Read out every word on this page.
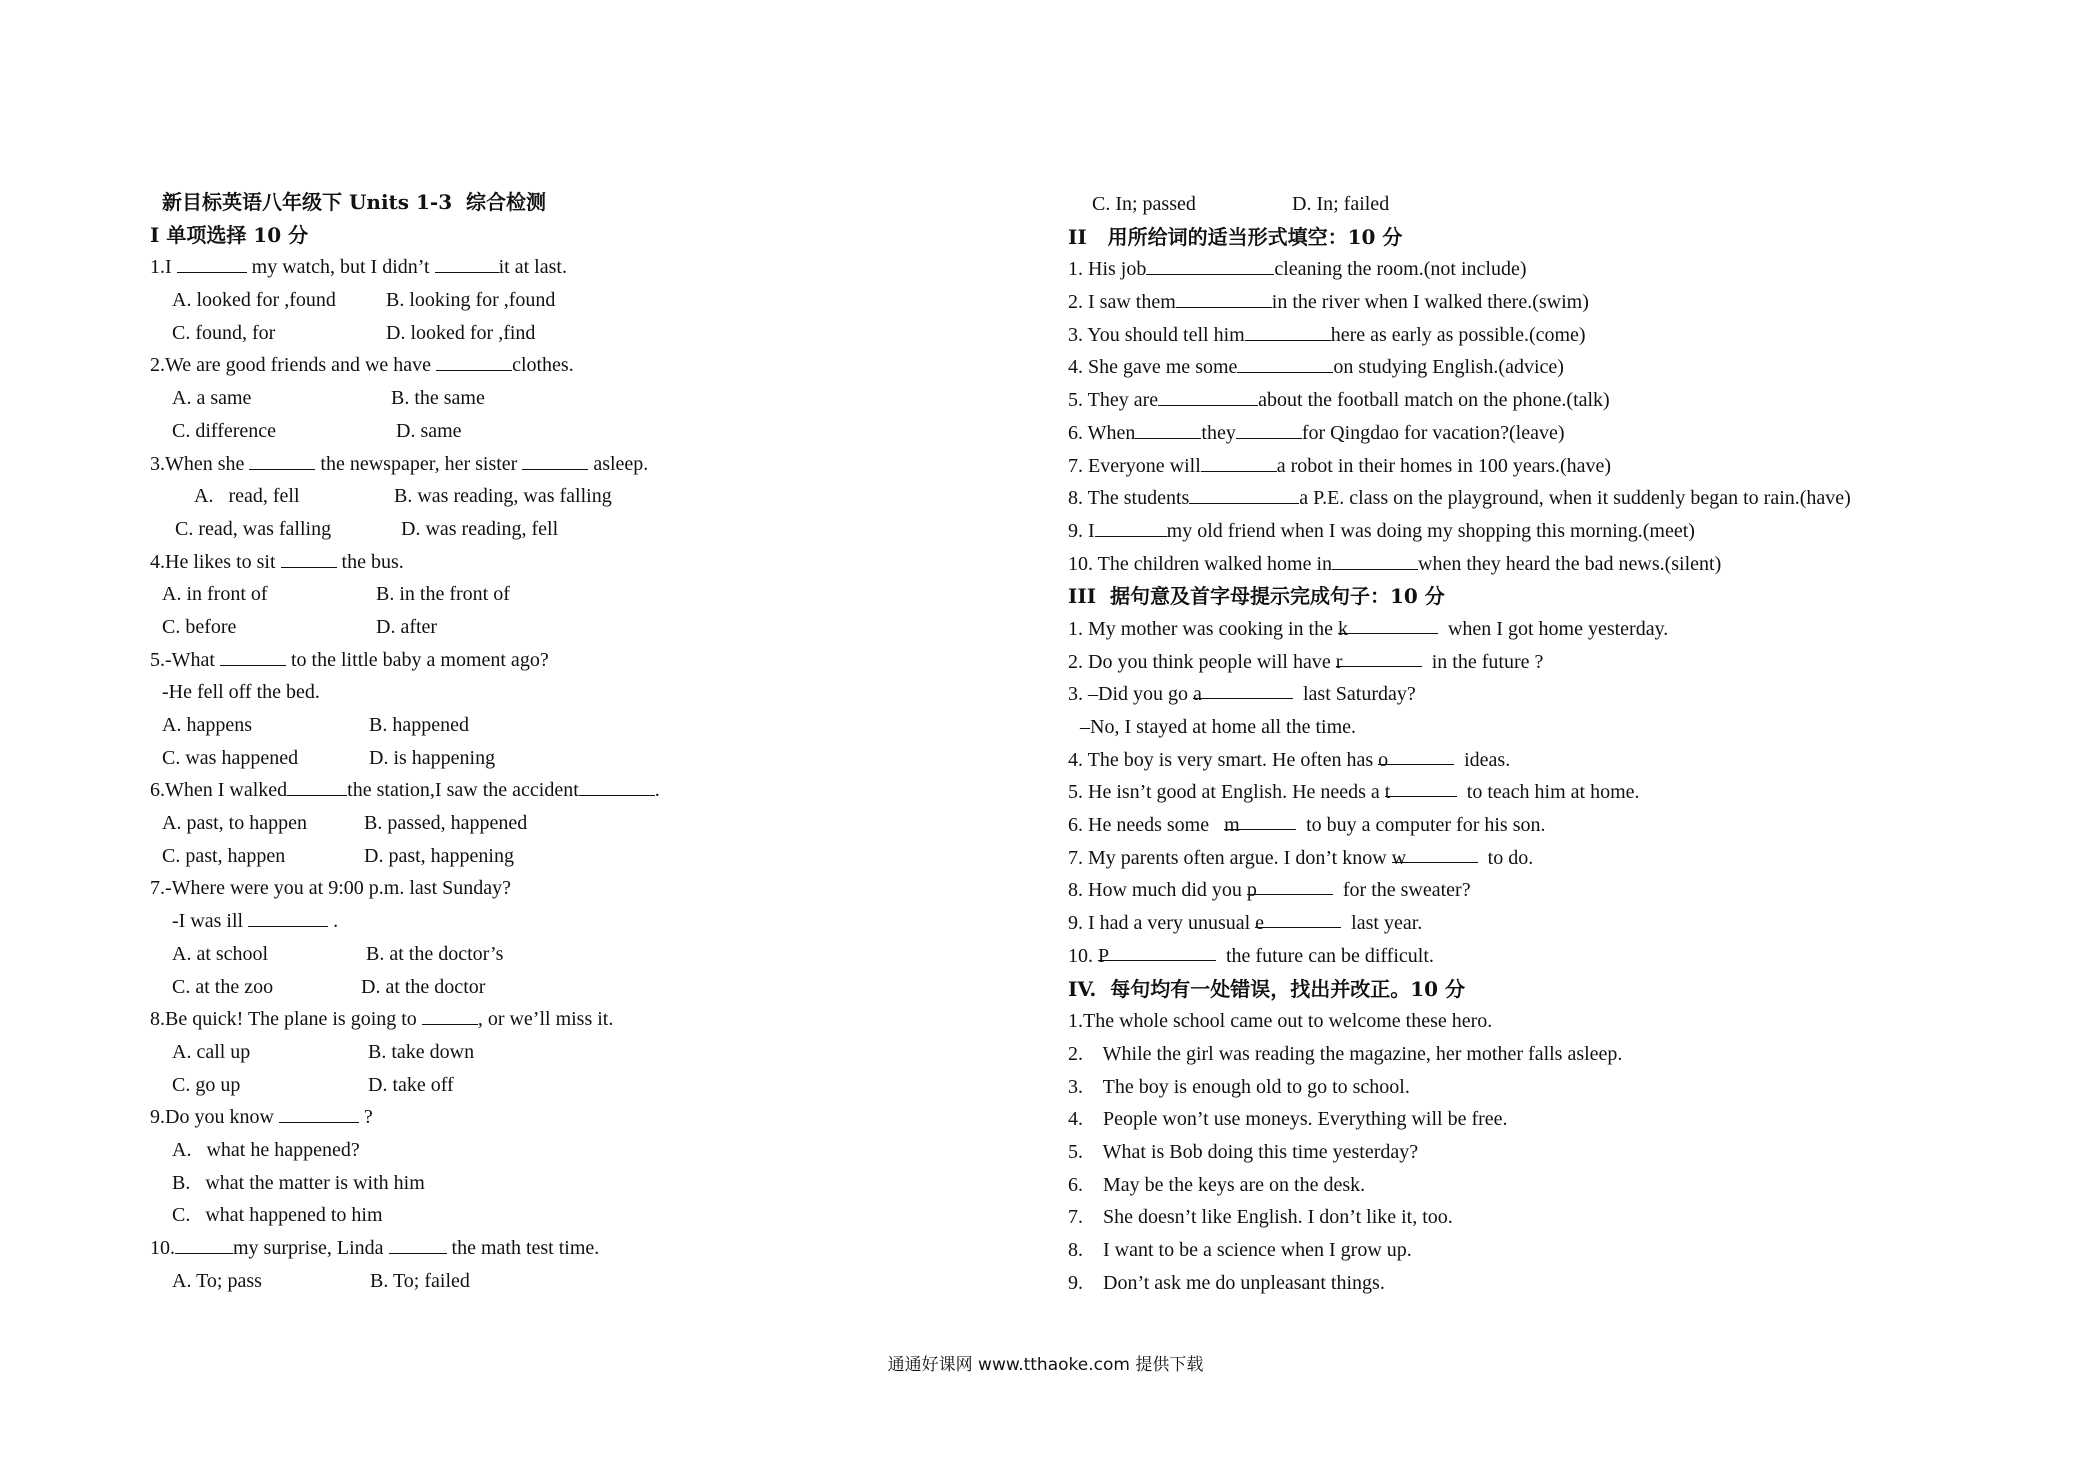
新目标英语八年级下 Units 1-3  综合检测
I 单项选择 10 分
1.I	my watch, but I didn’t	it at last.
A. looked for ,found	B. looking for ,found
C. found, for	D. looked for ,find
2.We are good friends and we have	clothes.
A. a same	B. the same
C. difference	D. same
3.When she	the newspaper, her sister	asleep.
A.   read, fell	B. was reading, was falling
C. read, was falling	D. was reading, fell
4.He likes to sit	the bus.
A. in front of	B. in the front of
C. before	D. after
5.-What	to the little baby a moment ago?
-He fell off the bed.
A. happens	B. happened
C. was happened	D. is happening
6.When I walked	the station,I saw the accident	.
A. past, to happen	B. passed, happened
C. past, happen	D. past, happening
7.-Where were you at 9:00 p.m. last Sunday?
-I was ill	.
A. at school	B. at the doctor’s
C. at the zoo	D. at the doctor
8.Be quick! The plane is going to	, or we’ll miss it.
A. call up	B. take down
C. go up	D. take off
9.Do you know	?
A.   what he happened?
B.   what the matter is with him
C.   what happened to him
10.	my surprise, Linda	the math test time.
A. To; pass	B. To; failed
C. In; passed	D. In; failed
II   用所给词的适当形式填空：10 分
1. His job	cleaning the room.(not include)
2. I saw them	in the river when I walked there.(swim)
3. You should tell him	here as early as possible.(come)
4. She gave me some	on studying English.(advice)
5. They are	about the football match on the phone.(talk)
6. When	they	for Qingdao for vacation?(leave)
7. Everyone will	a robot in their homes in 100 years.(have)
8. The students	a P.E. class on the playground, when it suddenly began to rain.(have)
9. I	my old friend when I was doing my shopping this morning.(meet)
10. The children walked home in	when they heard the bad news.(silent)
III  据句意及首字母提示完成句子：10 分
1. My mother was cooking in the k	when I got home yesterday.
2. Do you think people will have r	in the future ?
3. –Did you go a	last Saturday?
–No, I stayed at home all the time.
4. The boy is very smart. He often has o	ideas.
5. He isn’t good at English. He needs a t	to teach him at home.
6. He needs some   m	to buy a computer for his son.
7. My parents often argue. I don’t know w	to do.
8. How much did you p	for the sweater?
9. I had a very unusual e	last year.
10. P	the future can be difficult.
IV.  每句均有一处错误，找出并改正。10 分
1.The whole school came out to welcome these hero.
2.    While the girl was reading the magazine, her mother falls asleep.
3.    The boy is enough old to go to school.
4.    People won’t use moneys. Everything will be free.
5.    What is Bob doing this time yesterday?
6.    May be the keys are on the desk.
7.    She doesn’t like English. I don’t like it, too.
8.    I want to be a science when I grow up.
9.    Don’t ask me do unpleasant things.
通通好课网 www.tthaoke.com 提供下载
